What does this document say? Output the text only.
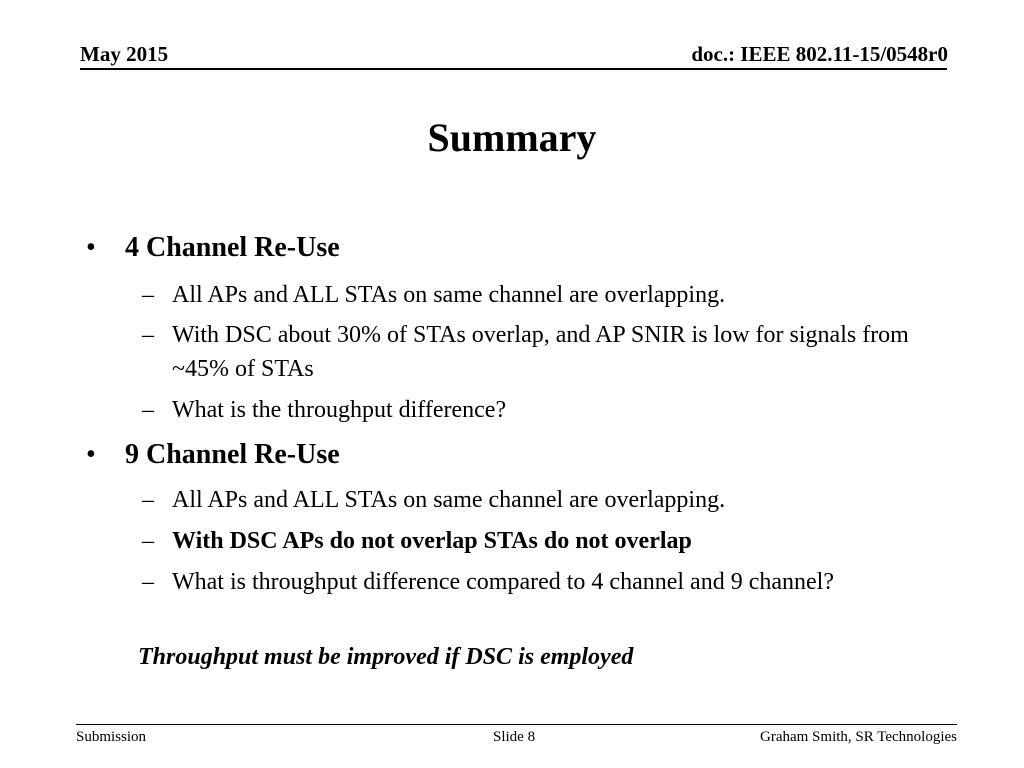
May 2015	doc.: IEEE 802.11-15/0548r0
Summary
• 4 Channel Re-Use
– All APs and ALL STAs on same channel are overlapping.
– With DSC about 30% of STAs overlap, and AP SNIR is low for signals from ~45% of STAs
– What is the throughput difference?
• 9 Channel Re-Use
– All APs and ALL STAs on same channel are overlapping.
– With DSC APs do not overlap STAs do not overlap
– What is throughput difference compared to 4 channel and 9 channel?
Throughput must be improved if DSC is employed
Submission	Slide 8	Graham Smith, SR Technologies
